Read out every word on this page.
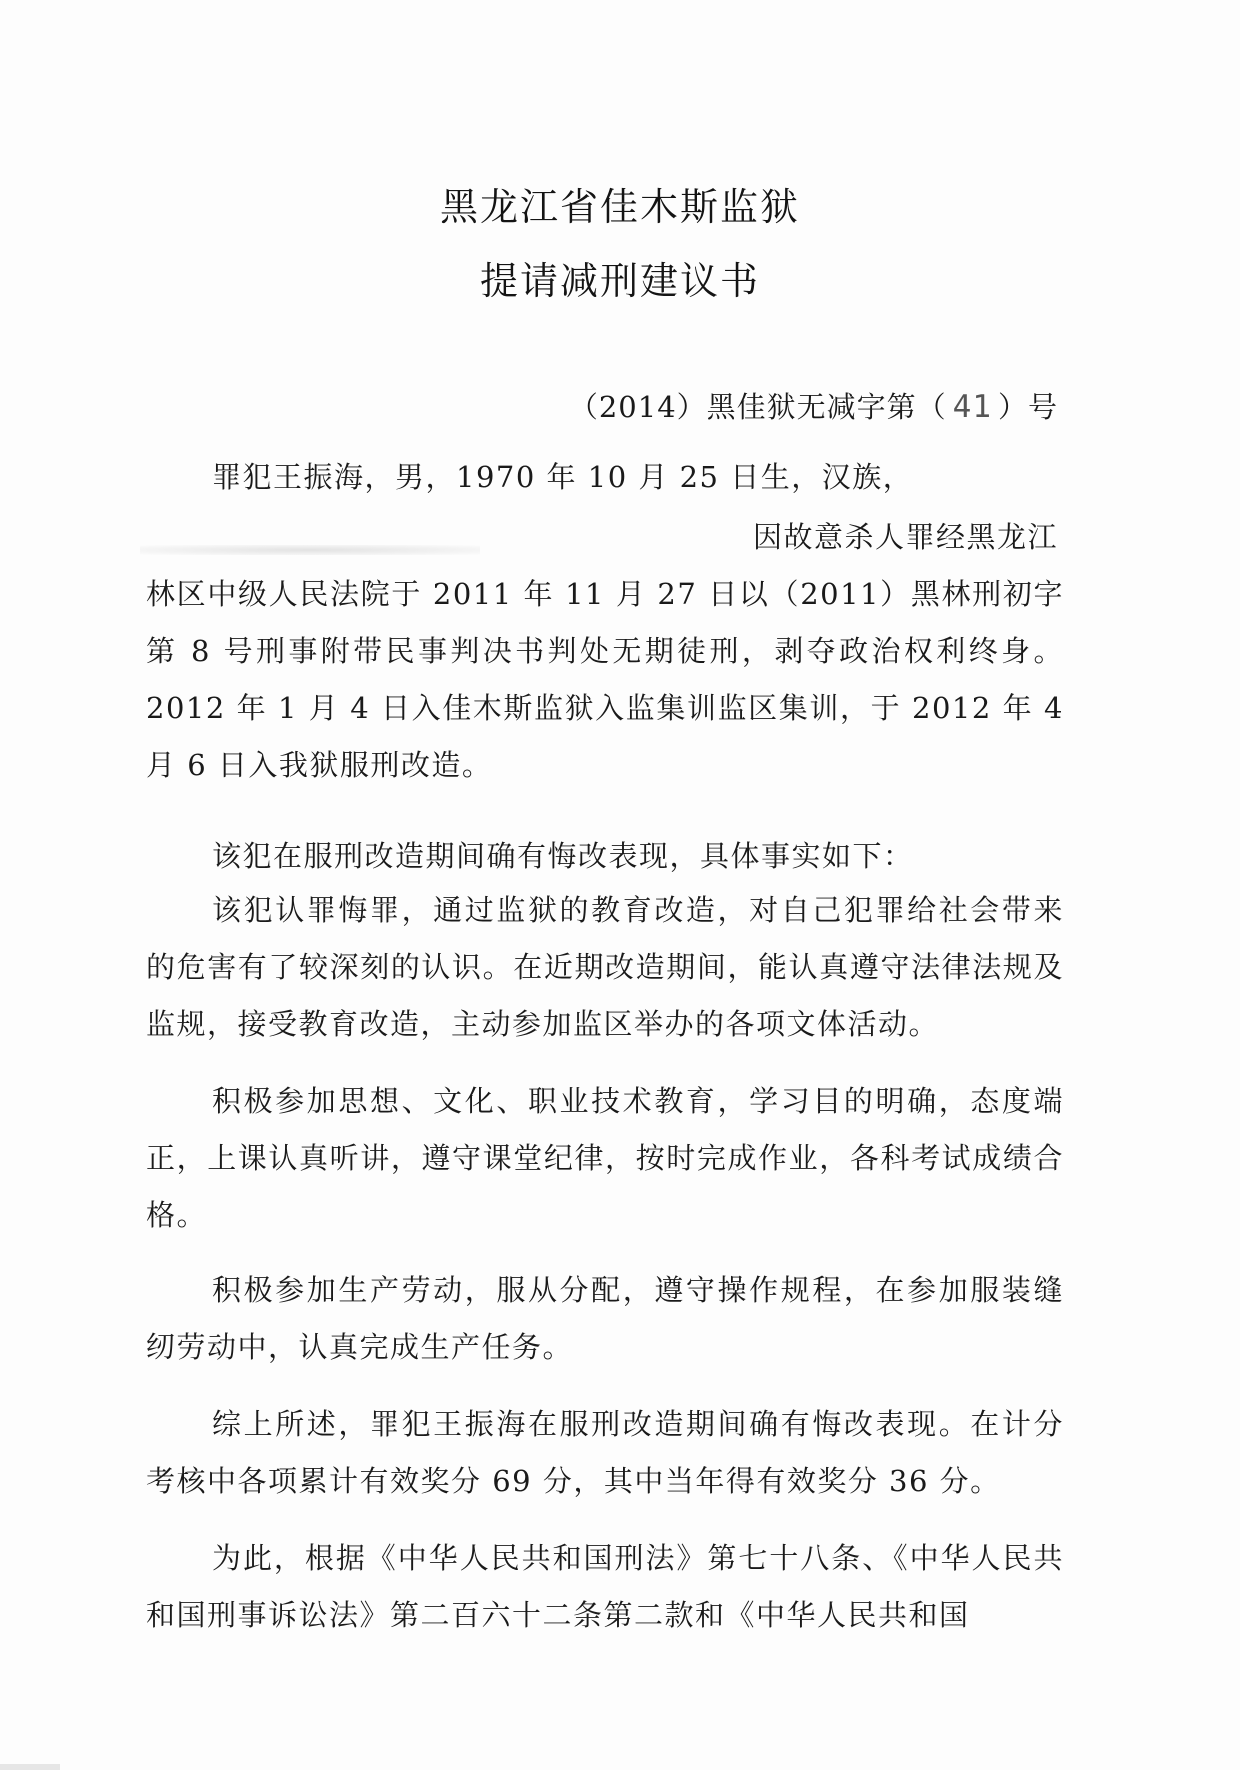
黑龙江省佳木斯监狱
提请减刑建议书
（2014）黑佳狱无减字第（ 41 ）号
罪犯王振海，男，1970 年 10 月 25 日生，汉族，
因故意杀人罪经黑龙江
林区中级人民法院于 2011 年 11 月 27 日以（2011）黑林刑初字第 8 号刑事附带民事判决书判处无期徒刑，剥夺政治权利终身。2012 年 1 月 4 日入佳木斯监狱入监集训监区集训，于 2012 年 4 月 6 日入我狱服刑改造。
该犯在服刑改造期间确有悔改表现，具体事实如下：
该犯认罪悔罪，通过监狱的教育改造，对自己犯罪给社会带来的危害有了较深刻的认识。在近期改造期间，能认真遵守法律法规及监规，接受教育改造，主动参加监区举办的各项文体活动。
积极参加思想、文化、职业技术教育，学习目的明确，态度端正，上课认真听讲，遵守课堂纪律，按时完成作业，各科考试成绩合格。
积极参加生产劳动，服从分配，遵守操作规程，在参加服装缝纫劳动中，认真完成生产任务。
综上所述，罪犯王振海在服刑改造期间确有悔改表现。在计分考核中各项累计有效奖分 69 分，其中当年得有效奖分 36 分。
为此，根据《中华人民共和国刑法》第七十八条、《中华人民共和国刑事诉讼法》第二百六十二条第二款和《中华人民共和国
